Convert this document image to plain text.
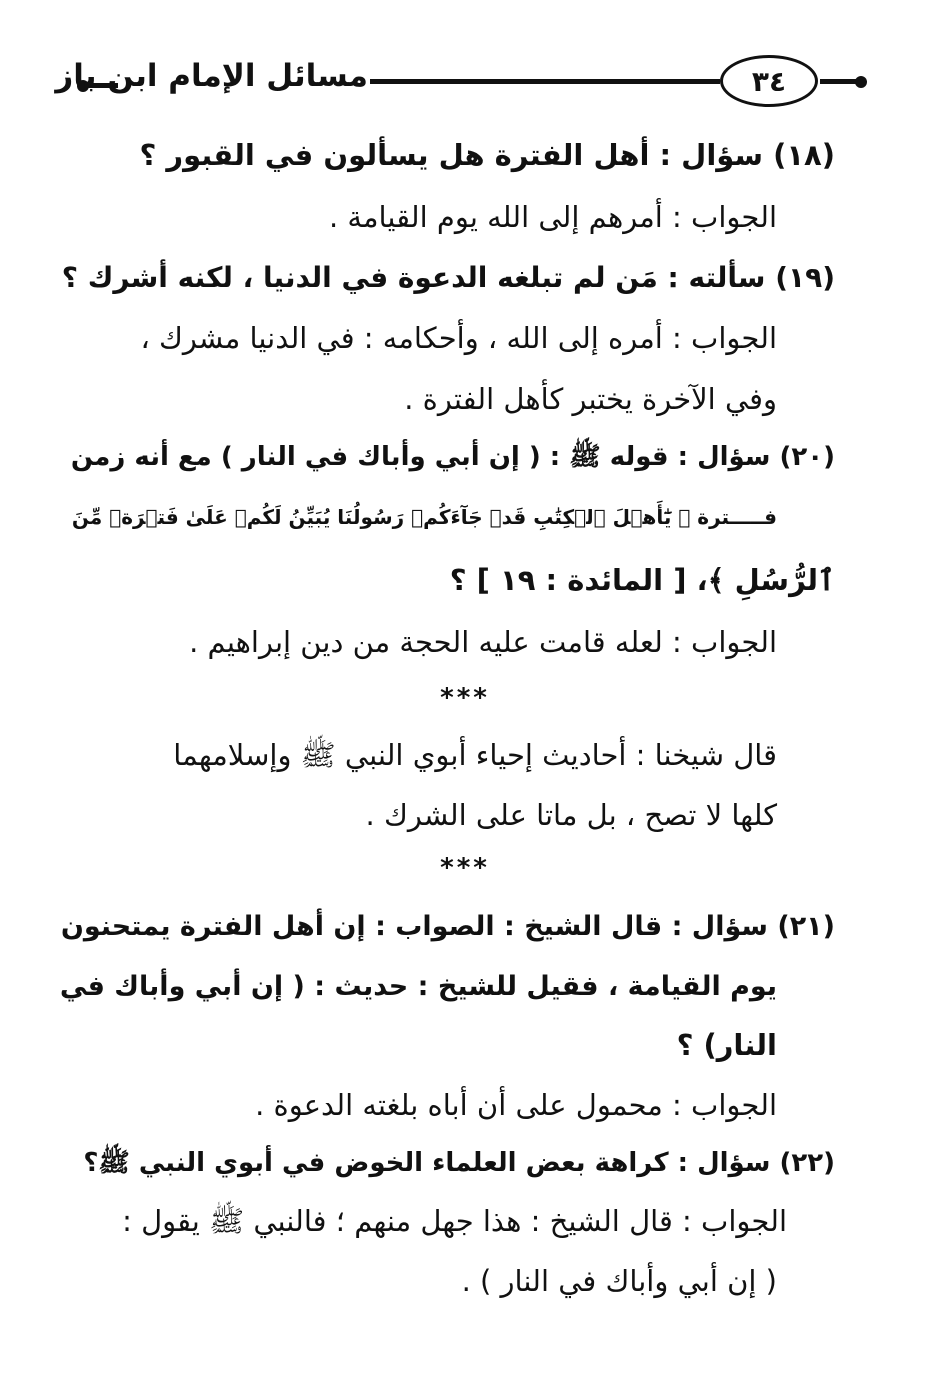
مسائل الإمام ابن باز	٣٤
(١٨) سؤال : أهل الفترة هل يسألون في القبور ؟
الجواب : أمرهم إلى الله يوم القيامة .
(١٩) سألته : مَن لم تبلغه الدعوة في الدنيا ، لكنه أشرك ؟
الجواب : أمره إلى الله ، وأحكامه : في الدنيا مشرك ،
وفي الآخرة يختبر كأهل الفترة .
(٢٠) سؤال : قوله ﷺ : ( إن أبي وأباك في النار ) مع أنه زمن
فـــــترة ﴿ يَٰٓأَهۡلَ ٱلۡكِتَٰبِ قَدۡ جَآءَكُمۡ رَسُولُنَا يُبَيِّنُ لَكُمۡ عَلَىٰ فَتۡرَةٖ مِّنَ
ٱلرُّسُلِ ﴾، [ المائدة : ١٩ ] ؟
الجواب : لعله قامت عليه الحجة من دين إبراهيم .
***
قال شيخنا : أحاديث إحياء أبوي النبي ﷺ وإسلامهما
كلها لا تصح ، بل ماتا على الشرك .
***
(٢١) سؤال : قال الشيخ : الصواب : إن أهل الفترة يمتحنون
يوم القيامة ، فقيل للشيخ : حديث : ( إن أبي وأباك في
النار) ؟
الجواب : محمول على أن أباه بلغته الدعوة .
(٢٢) سؤال : كراهة بعض العلماء الخوض في أبوي النبي ﷺ؟
الجواب : قال الشيخ : هذا جهل منهم ؛ فالنبي ﷺ يقول :
( إن أبي وأباك في النار ) .
